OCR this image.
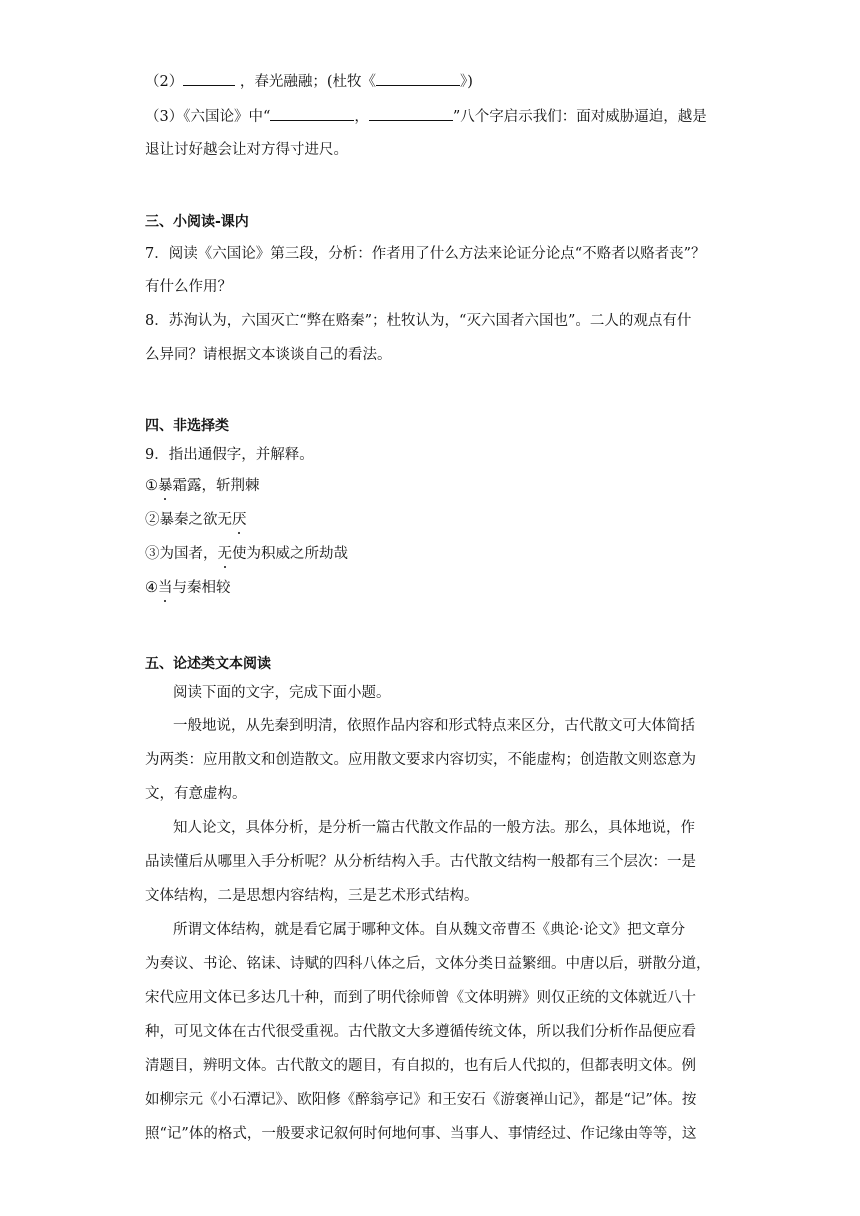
（2）	，春光融融；(杜牧《	》)
（3）《六国论》中“	，	”八个字启示我们：面对威胁逼迫，越是
退让讨好越会让对方得寸进尺。
三、小阅读-课内
7．阅读《六国论》第三段，分析：作者用了什么方法来论证分论点“不赂者以赂者丧”？
有什么作用？
8．苏洵认为，六国灭亡“弊在赂秦”；杜牧认为，“灭六国者六国也”。二人的观点有什
么异同？请根据文本谈谈自己的看法。
四、非选择类
9．指出通假字，并解释。
①暴霜露，斩荆棘
②暴秦之欲无厌
③为国者，无使为积威之所劫哉
④当与秦相较
五、论述类文本阅读
阅读下面的文字，完成下面小题。
一般地说，从先秦到明清，依照作品内容和形式特点来区分，古代散文可大体简括
为两类：应用散文和创造散文。应用散文要求内容切实，不能虚构；创造散文则恣意为
文，有意虚构。
知人论文，具体分析，是分析一篇古代散文作品的一般方法。那么，具体地说，作
品读懂后从哪里入手分析呢？从分析结构入手。古代散文结构一般都有三个层次：一是
文体结构，二是思想内容结构，三是艺术形式结构。
所谓文体结构，就是看它属于哪种文体。自从魏文帝曹丕《典论·论文》把文章分
为奏议、书论、铭诔、诗赋的四科八体之后，文体分类日益繁细。中唐以后，骈散分道，
宋代应用文体已多达几十种，而到了明代徐师曾《文体明辨》则仅正统的文体就近八十
种，可见文体在古代很受重视。古代散文大多遵循传统文体，所以我们分析作品便应看
清题目，辨明文体。古代散文的题目，有自拟的，也有后人代拟的，但都表明文体。例
如柳宗元《小石潭记》、欧阳修《醉翁亭记》和王安石《游褒禅山记》，都是“记”体。按
照“记”体的格式，一般要求记叙何时何地何事、当事人、事情经过、作记缘由等等，这
